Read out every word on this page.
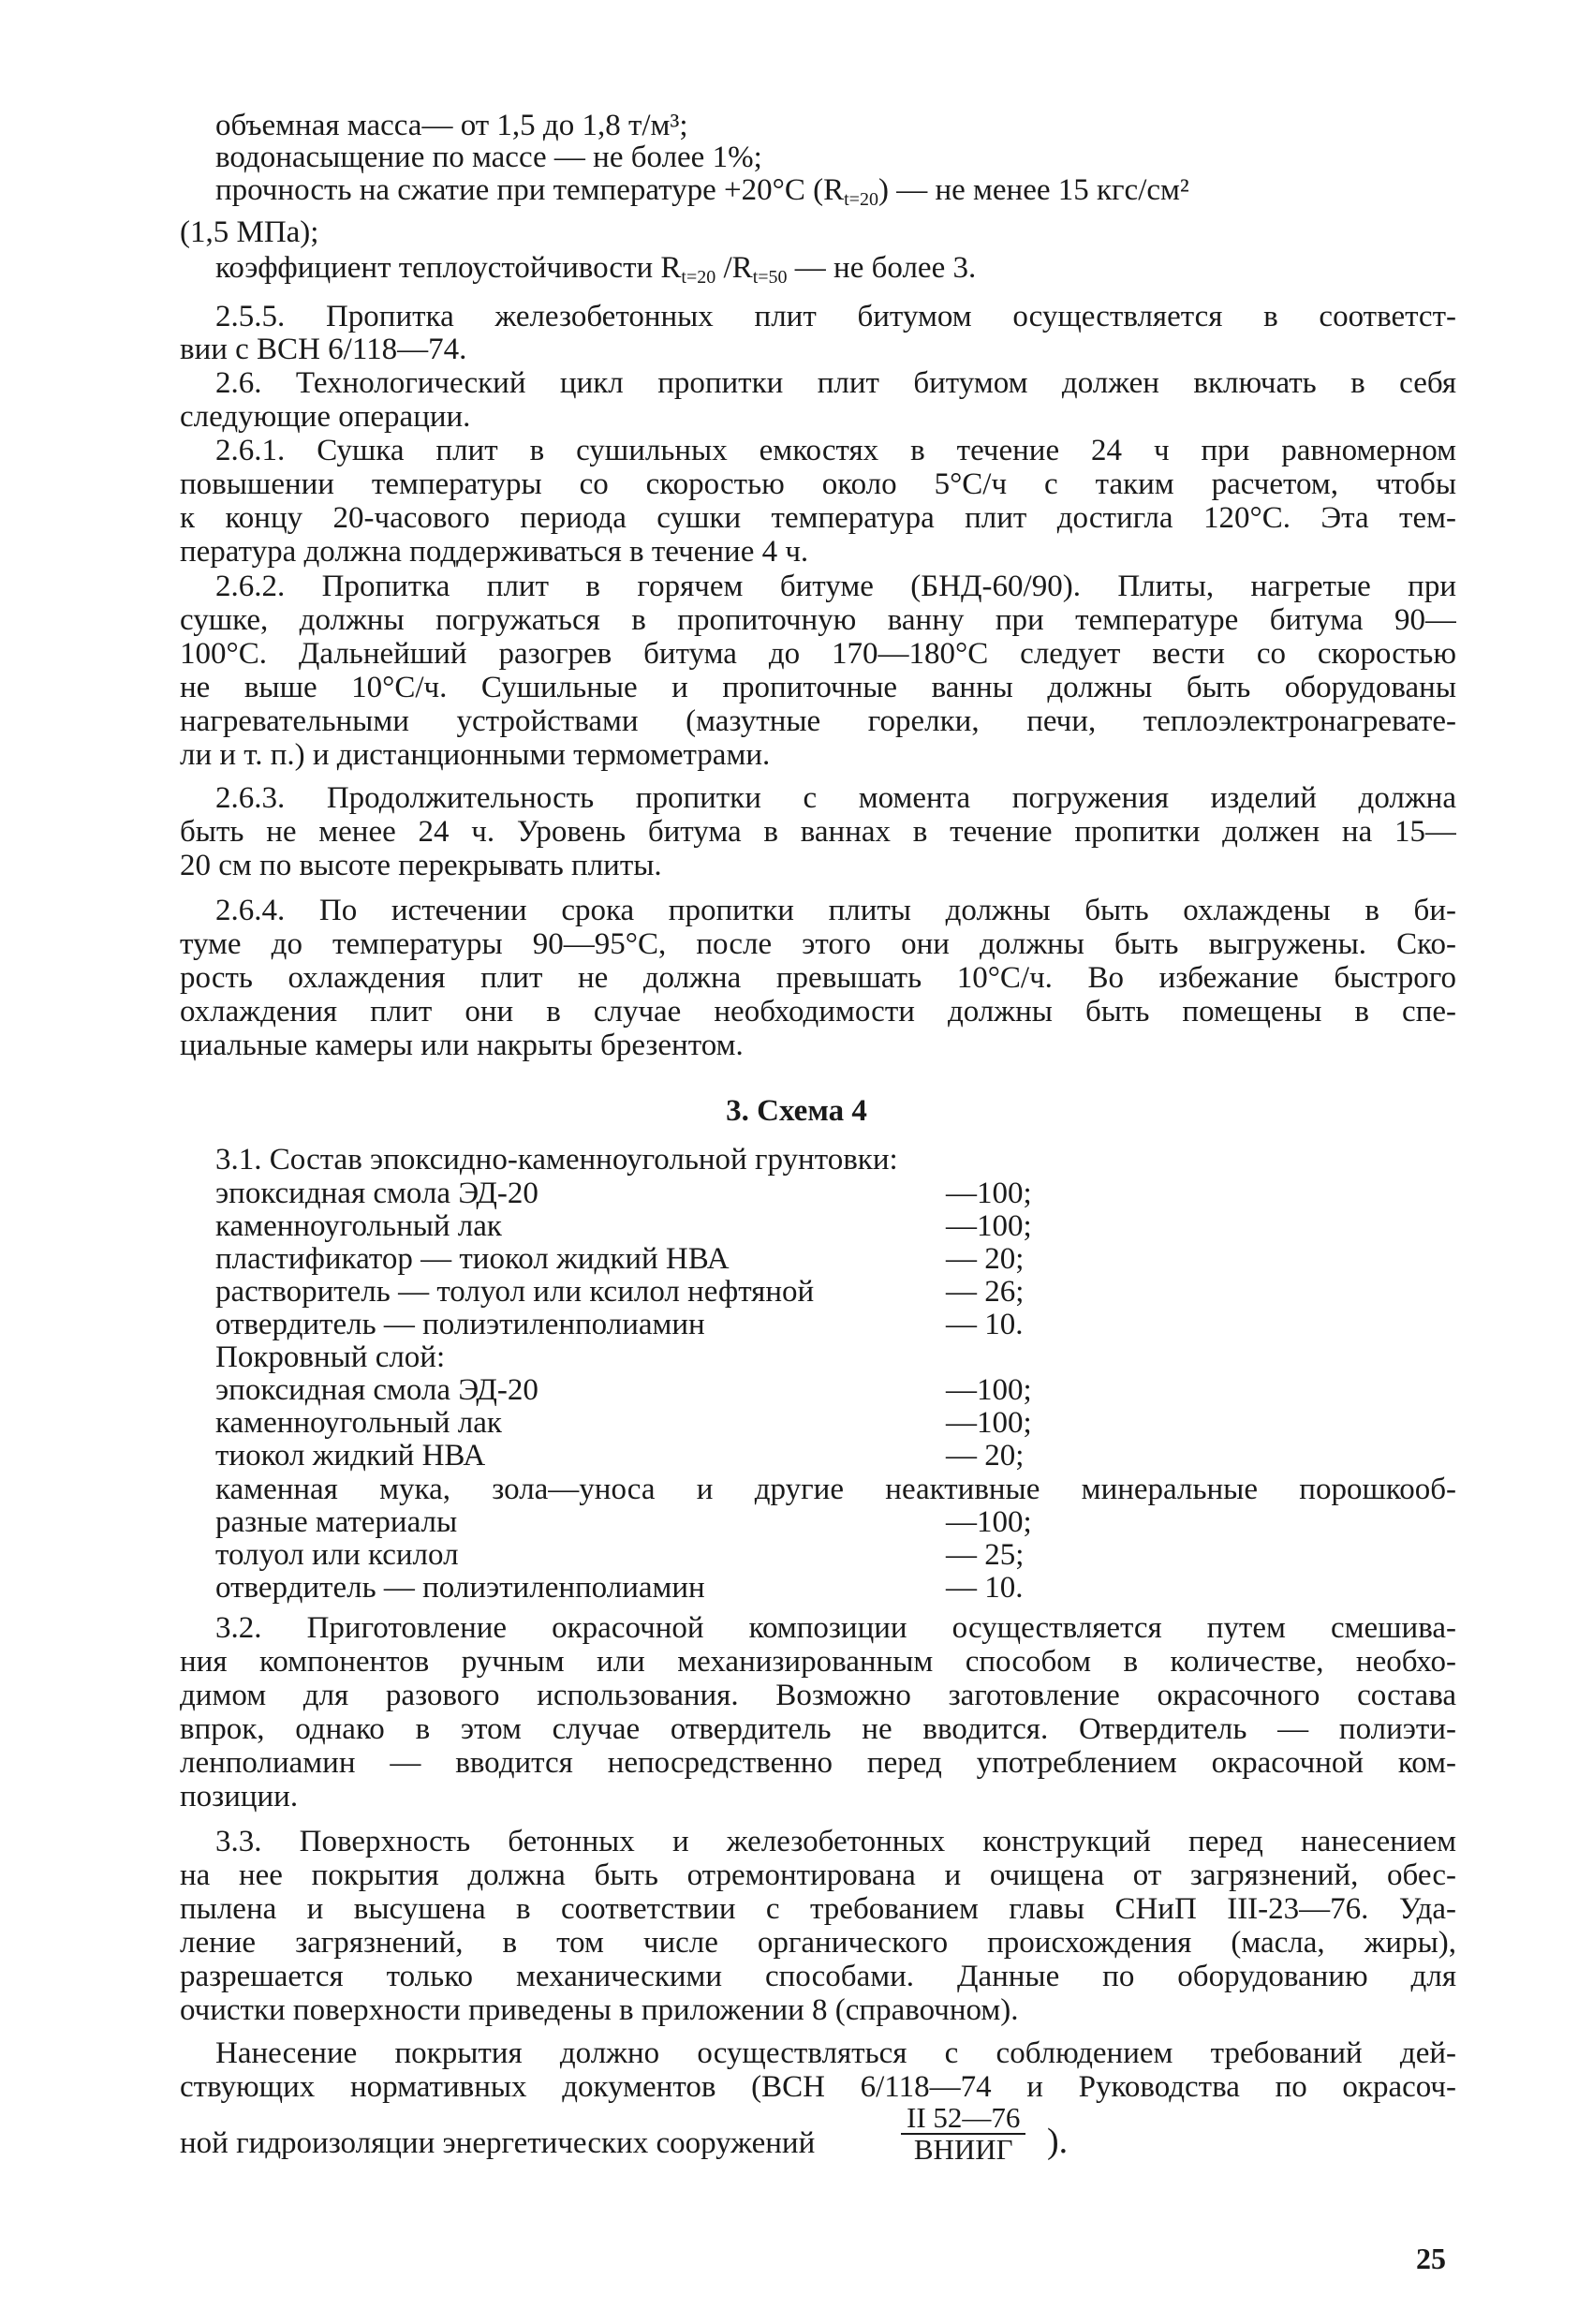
объемная масса— от 1,5 до 1,8 т/м³;
водонасыщение по массе — не более 1%;
прочность на сжатие при температуре +20°С $(R_{t=20})$ — не менее 15 кгс/см²
(1,5 МПа);
коэффициент теплоустойчивости $R_{t=20}$ $/R_{t=50}$ — не более 3.
2.5.5. Пропитка железобетонных плит битумом осуществляется в соответст-
вии с ВСН 6/118—74.
2.6. Технологический цикл пропитки плит битумом должен включать в себя
следующие операции.
2.6.1. Сушка плит в сушильных емкостях в течение 24 ч при равномерном
повышении температуры со скоростью около 5°С/ч с таким расчетом, чтобы
к концу 20-часового периода сушки температура плит достигла 120°С. Эта тем-
пература должна поддерживаться в течение 4 ч.
2.6.2. Пропитка плит в горячем битуме (БНД-60/90). Плиты, нагретые при
сушке, должны погружаться в пропиточную ванну при температуре битума 90—
100°С. Дальнейший разогрев битума до 170—180°С следует вести со скоростью
не выше 10°С/ч. Сушильные и пропиточные ванны должны быть оборудованы
нагревательными устройствами (мазутные горелки, печи, теплоэлектронагревате-
ли и т. п.) и дистанционными термометрами.
2.6.3. Продолжительность пропитки с момента погружения изделий должна
быть не менее 24 ч. Уровень битума в ваннах в течение пропитки должен на 15—
20 см по высоте перекрывать плиты.
2.6.4. По истечении срока пропитки плиты должны быть охлаждены в би-
туме до температуры 90—95°С, после этого они должны быть выгружены. Ско-
рость охлаждения плит не должна превышать 10°С/ч. Во избежание быстрого
охлаждения плит они в случае необходимости должны быть помещены в спе-
циальные камеры или накрыты брезентом.
3. Схема 4
3.1. Состав эпоксидно-каменноугольной грунтовки:
эпоксидная смола ЭД-20	—100;
каменноугольный лак	—100;
пластификатор — тиокол жидкий НВА	— 20;
растворитель — толуол или ксилол нефтяной	— 26;
отвердитель — полиэтиленполиамин	— 10.
Покровный слой:
эпоксидная смола ЭД-20	—100;
каменноугольный лак	—100;
тиокол жидкий НВА	— 20;
каменная мука, зола—уноса и другие неактивные минеральные порошкооб-
разные материалы	—100;
толуол или ксилол	— 25;
отвердитель — полиэтиленполиамин	— 10.
3.2. Приготовление окрасочной композиции осуществляется путем смешива-
ния компонентов ручным или механизированным способом в количестве, необхо-
димом для разового использования. Возможно заготовление окрасочного состава
впрок, однако в этом случае отвердитель не вводится. Отвердитель — полиэти-
ленполиамин — вводится непосредственно перед употреблением окрасочной ком-
позиции.
3.3. Поверхность бетонных и железобетонных конструкций перед нанесением
на нее покрытия должна быть отремонтирована и очищена от загрязнений, обес-
пылена и высушена в соответствии с требованием главы СНиП III-23—76. Уда-
ление загрязнений, в том числе органического происхождения (масла, жиры),
разрешается только механическими способами. Данные по оборудованию для
очистки поверхности приведены в приложении 8 (справочном).
Нанесение покрытия должно осуществляться с соблюдением требований дей-
ствующих нормативных документов (ВСН 6/118—74 и Руководства по окрасоч-
ной гидроизоляции энергетических сооружений
II 52—76
ВНИИГ ).
25
